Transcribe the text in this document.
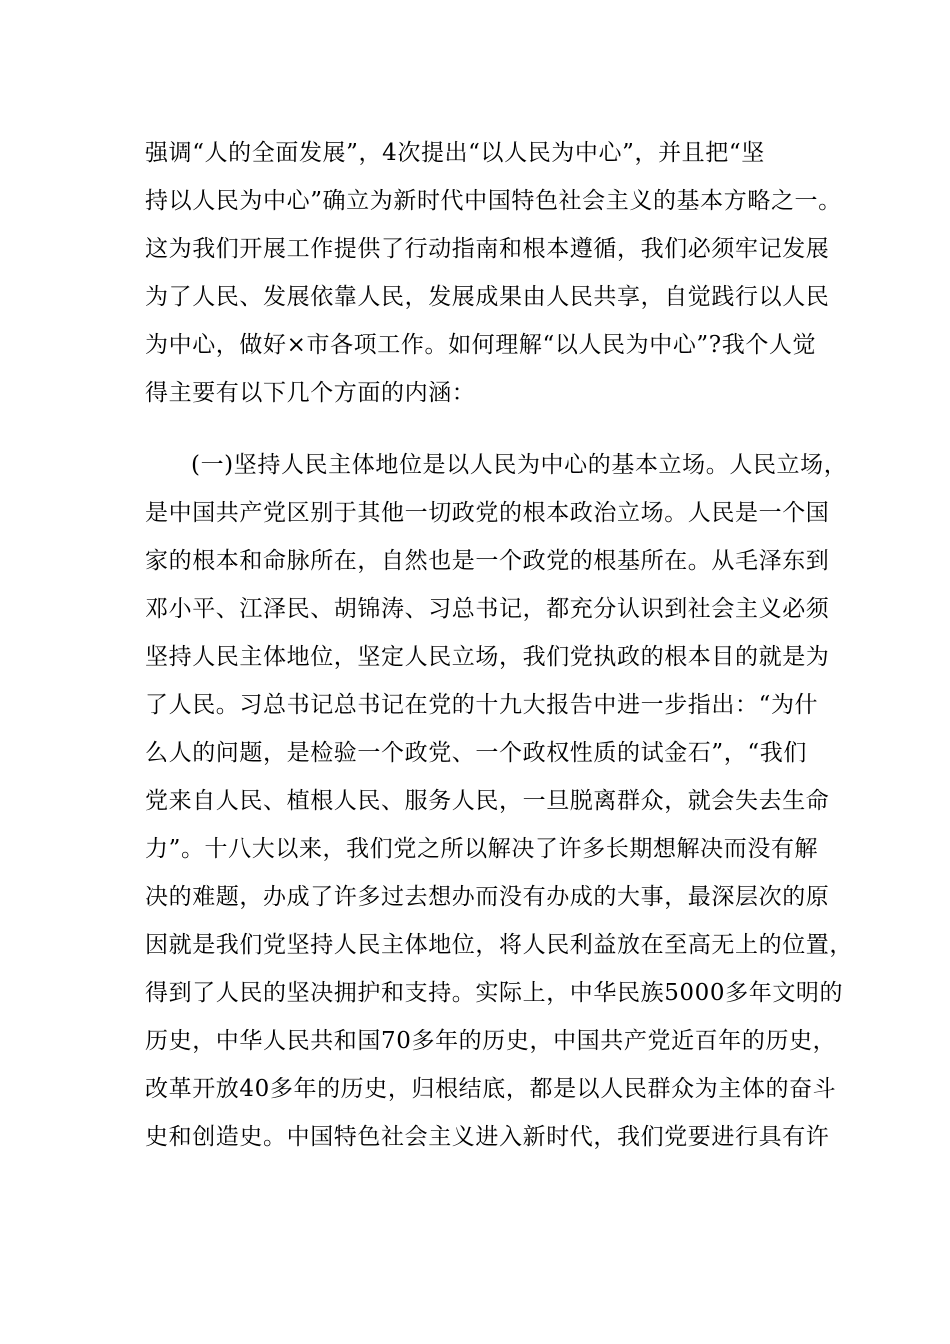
强调“人的全面发展”，4次提出“以人民为中心”，并且把“坚
持以人民为中心”确立为新时代中国特色社会主义的基本方略之一。
这为我们开展工作提供了行动指南和根本遵循，我们必须牢记发展
为了人民、发展依靠人民，发展成果由人民共享，自觉践行以人民
为中心，做好×市各项工作。如何理解“以人民为中心”?我个人觉
得主要有以下几个方面的内涵：
(一)坚持人民主体地位是以人民为中心的基本立场。人民立场，
是中国共产党区别于其他一切政党的根本政治立场。人民是一个国
家的根本和命脉所在，自然也是一个政党的根基所在。从毛泽东到
邓小平、江泽民、胡锦涛、习总书记，都充分认识到社会主义必须
坚持人民主体地位，坚定人民立场，我们党执政的根本目的就是为
了人民。习总书记总书记在党的十九大报告中进一步指出：“为什
么人的问题，是检验一个政党、一个政权性质的试金石”，“我们
党来自人民、植根人民、服务人民，一旦脱离群众，就会失去生命
力”。十八大以来，我们党之所以解决了许多长期想解决而没有解
决的难题，办成了许多过去想办而没有办成的大事，最深层次的原
因就是我们党坚持人民主体地位，将人民利益放在至高无上的位置，
得到了人民的坚决拥护和支持。实际上，中华民族5000多年文明的
历史，中华人民共和国70多年的历史，中国共产党近百年的历史，
改革开放40多年的历史，归根结底，都是以人民群众为主体的奋斗
史和创造史。中国特色社会主义进入新时代，我们党要进行具有许
